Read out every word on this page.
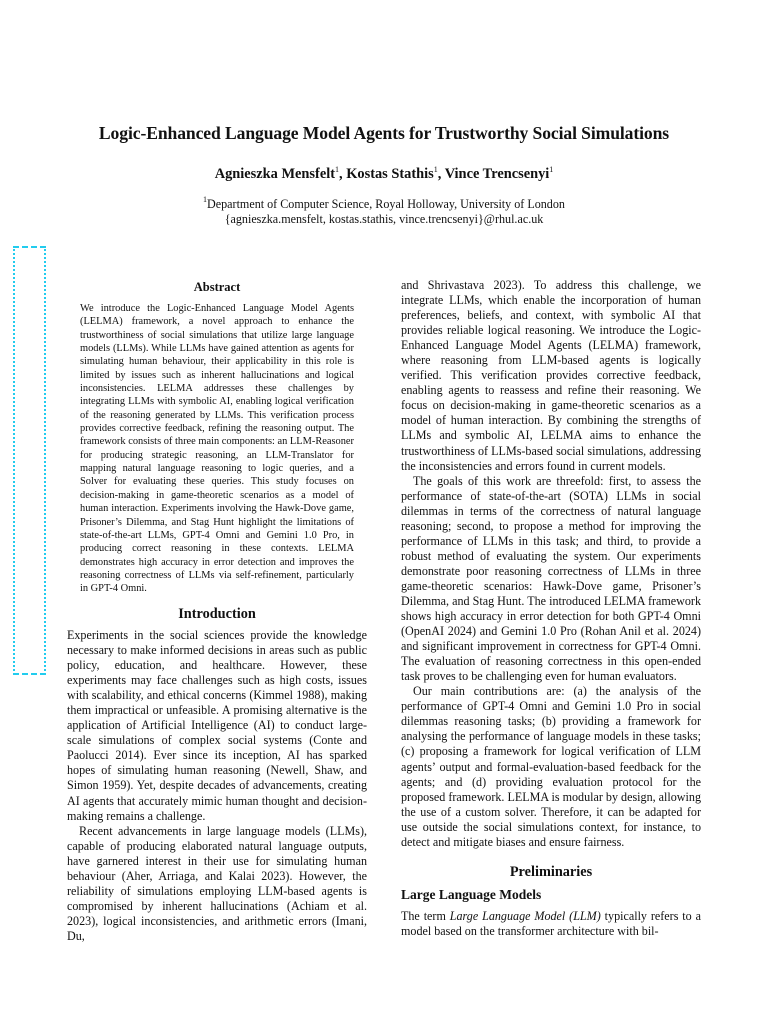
Logic-Enhanced Language Model Agents for Trustworthy Social Simulations
Agnieszka Mensfelt$^1$, Kostas Stathis$^1$, Vince Trencsenyi$^1$
$^1$Department of Computer Science, Royal Holloway, University of London
{agnieszka.mensfelt, kostas.stathis, vince.trencsenyi}@rhul.ac.uk
Abstract

We introduce the Logic-Enhanced Language Model Agents (LELMA) framework, a novel approach to enhance the trustworthiness of social simulations that utilize large language models (LLMs). While LLMs have gained attention as agents for simulating human behaviour, their applicability in this role is limited by issues such as inherent hallucinations and logical inconsistencies. LELMA addresses these challenges by integrating LLMs with symbolic AI, enabling logical verification of the reasoning generated by LLMs. This verification process provides corrective feedback, refining the reasoning output. The framework consists of three main components: an LLM-Reasoner for producing strategic reasoning, an LLM-Translator for mapping natural language reasoning to logic queries, and a Solver for evaluating these queries. This study focuses on decision-making in game-theoretic scenarios as a model of human interaction. Experiments involving the Hawk-Dove game, Prisoner’s Dilemma, and Stag Hunt highlight the limitations of state-of-the-art LLMs, GPT-4 Omni and Gemini 1.0 Pro, in producing correct reasoning in these contexts. LELMA demonstrates high accuracy in error detection and improves the reasoning correctness of LLMs via self-refinement, particularly in GPT-4 Omni.

Introduction

Experiments in the social sciences provide the knowledge necessary to make informed decisions in areas such as public policy, education, and healthcare. However, these experiments may face challenges such as high costs, issues with scalability, and ethical concerns (Kimmel 1988), making them impractical or unfeasible. A promising alternative is the application of Artificial Intelligence (AI) to conduct large-scale simulations of complex social systems (Conte and Paolucci 2014). Ever since its inception, AI has sparked hopes of simulating human reasoning (Newell, Shaw, and Simon 1959). Yet, despite decades of advancements, creating AI agents that accurately mimic human thought and decision-making remains a challenge.

Recent advancements in large language models (LLMs), capable of producing elaborated natural language outputs, have garnered interest in their use for simulating human behaviour (Aher, Arriaga, and Kalai 2023). However, the reliability of simulations employing LLM-based agents is compromised by inherent hallucinations (Achiam et al. 2023), logical inconsistencies, and arithmetic errors (Imani, Du,

and Shrivastava 2023). To address this challenge, we integrate LLMs, which enable the incorporation of human preferences, beliefs, and context, with symbolic AI that provides reliable logical reasoning. We introduce the Logic-Enhanced Language Model Agents (LELMA) framework, where reasoning from LLM-based agents is logically verified. This verification provides corrective feedback, enabling agents to reassess and refine their reasoning. We focus on decision-making in game-theoretic scenarios as a model of human interaction. By combining the strengths of LLMs and symbolic AI, LELMA aims to enhance the trustworthiness of LLMs-based social simulations, addressing the inconsistencies and errors found in current models.

The goals of this work are threefold: first, to assess the performance of state-of-the-art (SOTA) LLMs in social dilemmas in terms of the correctness of natural language reasoning; second, to propose a method for improving the performance of LLMs in this task; and third, to provide a robust method of evaluating the system. Our experiments demonstrate poor reasoning correctness of LLMs in three game-theoretic scenarios: Hawk-Dove game, Prisoner’s Dilemma, and Stag Hunt. The introduced LELMA framework shows high accuracy in error detection for both GPT-4 Omni (OpenAI 2024) and Gemini 1.0 Pro (Rohan Anil et al. 2024) and significant improvement in correctness for GPT-4 Omni. The evaluation of reasoning correctness in this open-ended task proves to be challenging even for human evaluators.

Our main contributions are: (a) the analysis of the performance of GPT-4 Omni and Gemini 1.0 Pro in social dilemmas reasoning tasks; (b) providing a framework for analysing the performance of language models in these tasks; (c) proposing a framework for logical verification of LLM agents’ output and formal-evaluation-based feedback for the agents; and (d) providing evaluation protocol for the proposed framework. LELMA is modular by design, allowing the use of a custom solver. Therefore, it can be adapted for use outside the social simulations context, for instance, to detect and mitigate biases and ensure fairness.

Preliminaries
Large Language Models

The term Large Language Model (LLM) typically refers to a model based on the transformer architecture with bil-
